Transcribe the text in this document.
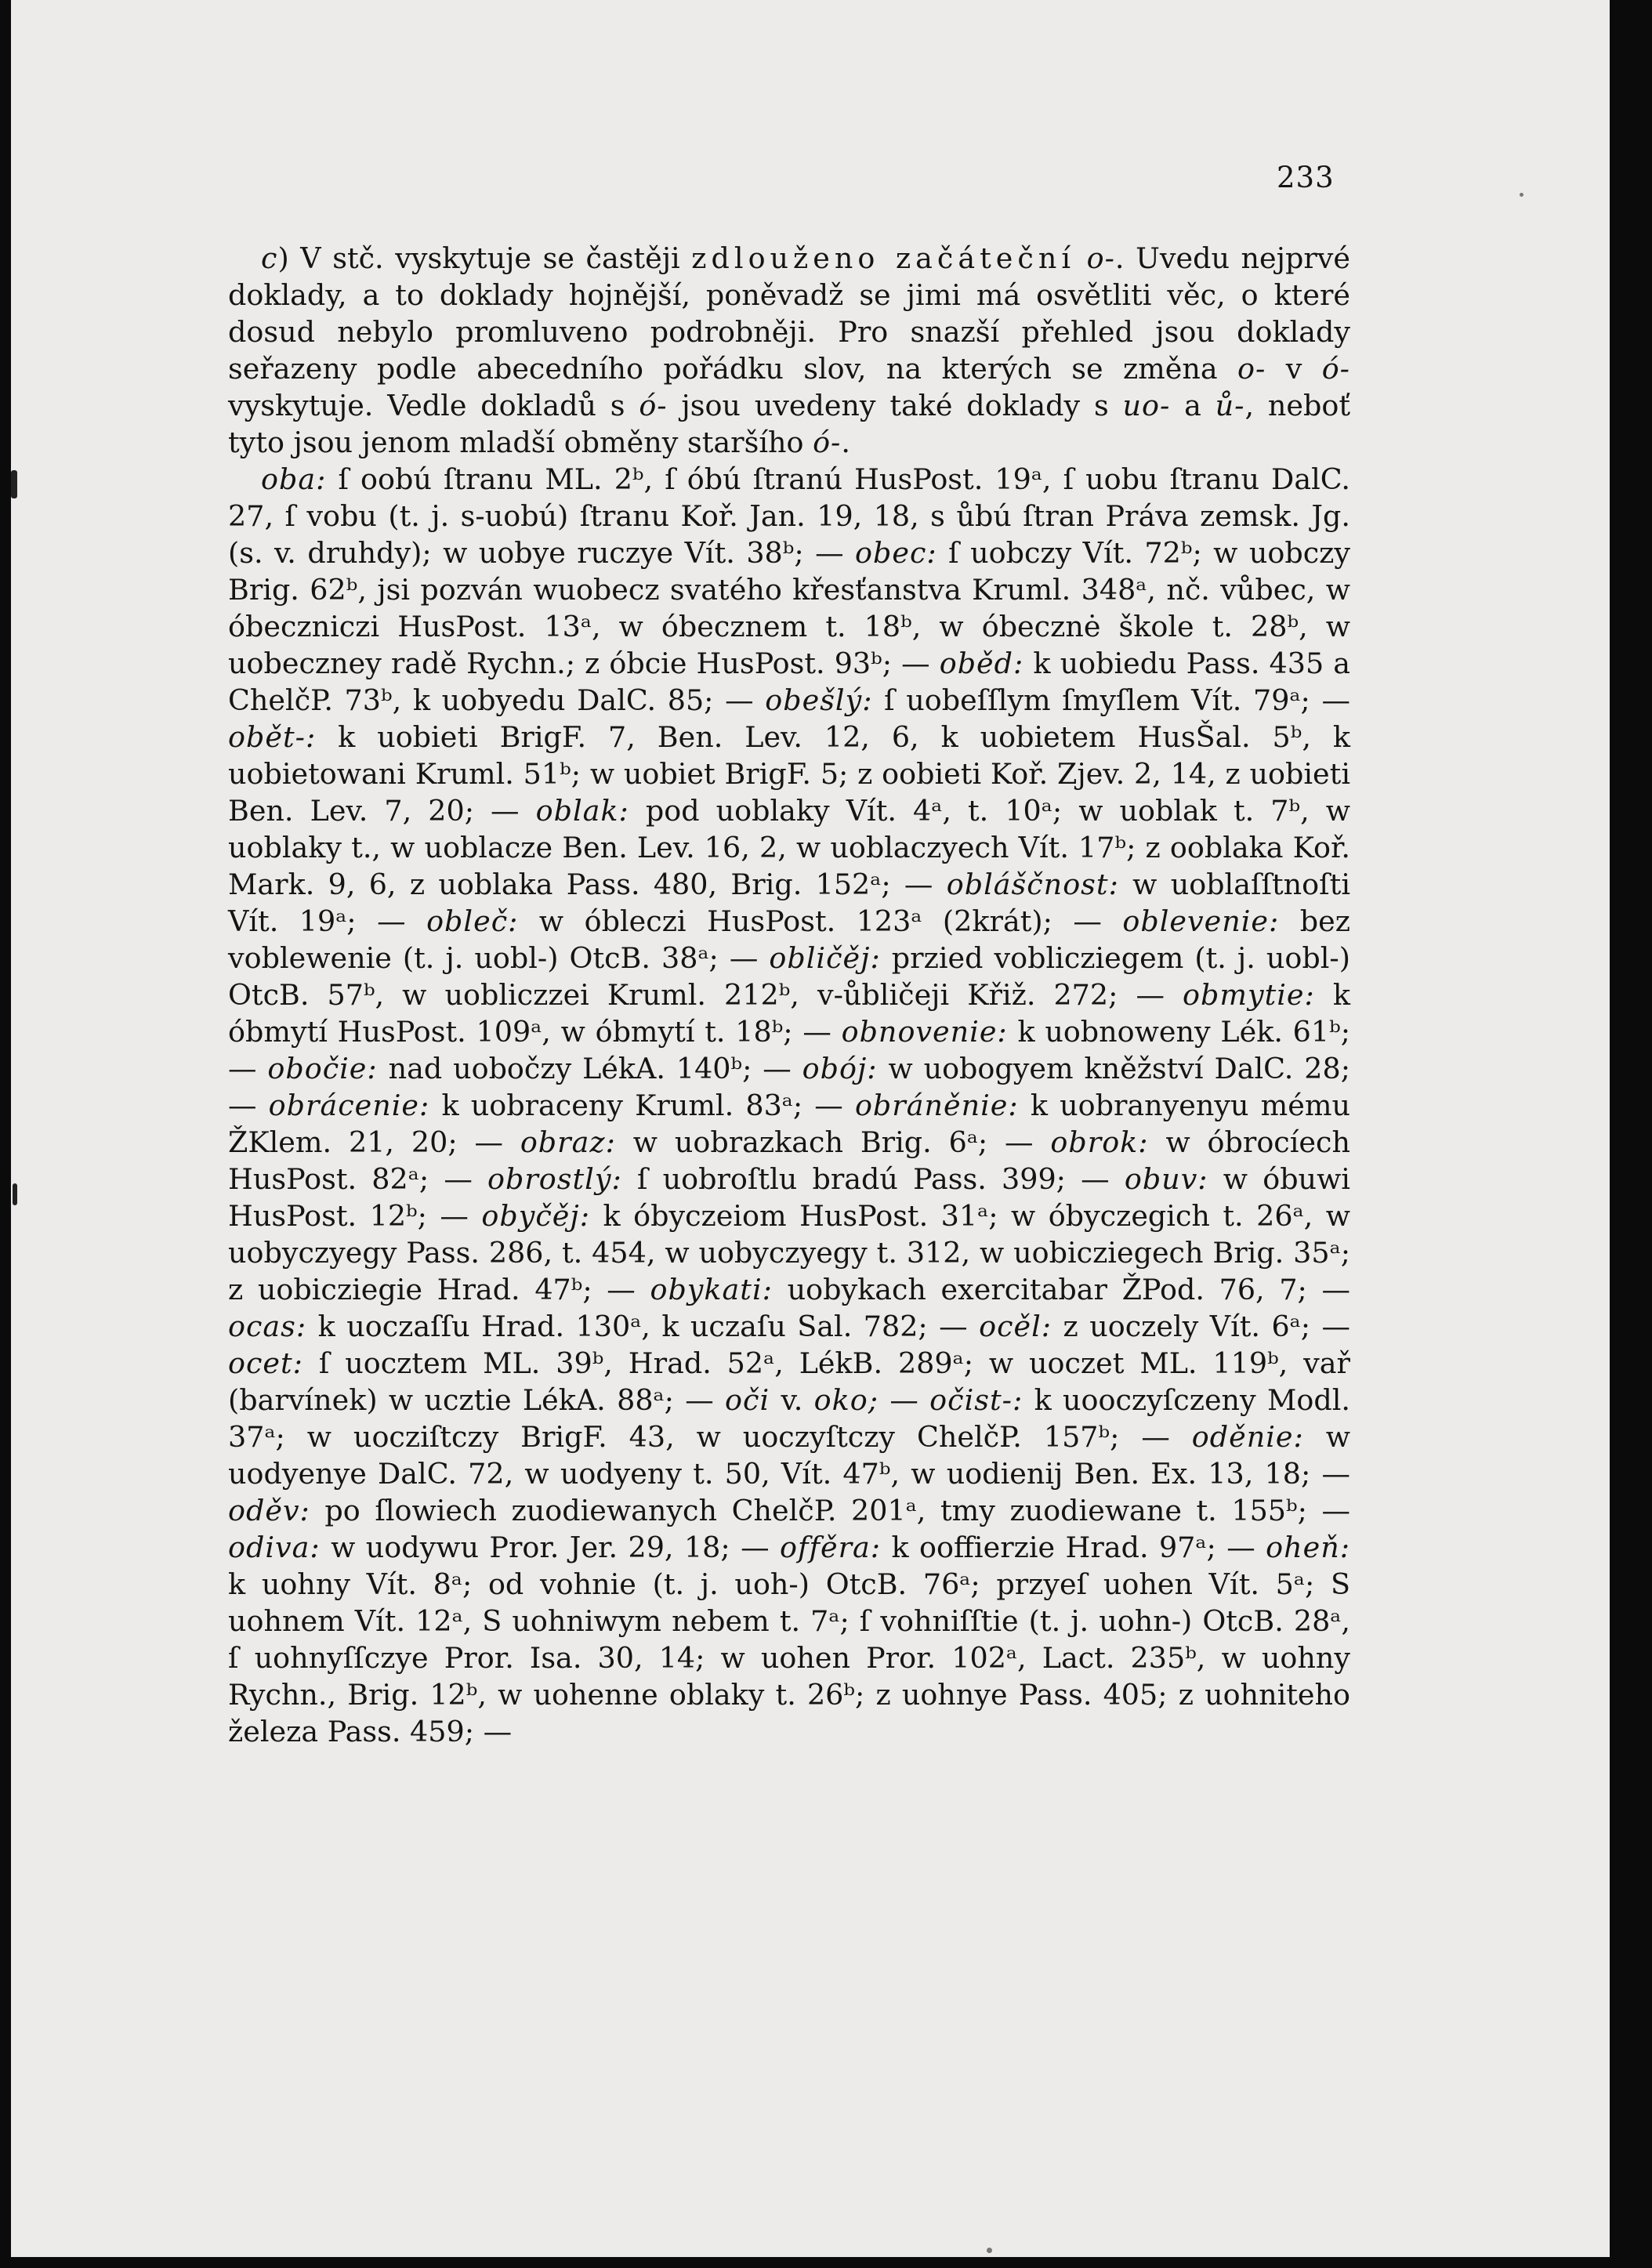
233

c) V stč. vyskytuje se častěji zdlouženo začáteční o-. Uvedu nejprvé doklady, a to doklady hojnější, poněvadž se jimi má osvětliti věc, o které dosud nebylo promluveno podrobněji. Pro snazší přehled jsou doklady seřazeny podle abecedního pořádku slov, na kterých se změna o- v ó- vyskytuje. Vedle dokladů s ó- jsou uvedeny také doklady s uo- a ů-, neboť tyto jsou jenom mladší obměny staršího ó-.

oba: ſ oobú ſtranu ML. 2ᵇ, ſ óbú ſtranú HusPost. 19ᵃ, ſ uobu ſtranu DalC. 27, ſ vobu (t. j. s-uobú) ſtranu Koř. Jan. 19, 18, s ůbú ſtran Práva zemsk. Jg. (s. v. druhdy); w uobye ruczye Vít. 38ᵇ; — obec: ſ uobczy Vít. 72ᵇ; w uobczy Brig. 62ᵇ, jsi pozván wuobecz svatého křesťanstva Kruml. 348ᵃ, nč. vůbec, w óbeczniczi HusPost. 13ᵃ, w óbecznem t. 18ᵇ, w óbecznė škole t. 28ᵇ, w uobeczney radě Rychn.; z óbcie HusPost. 93ᵇ; — oběd: k uobiedu Pass. 435 a ChelčP. 73ᵇ, k uobyedu DalC. 85; — obešlý: ſ uobeſſlym ſmyſlem Vít. 79ᵃ; — obět-: k uobieti BrigF. 7, Ben. Lev. 12, 6, k uobietem HusŠal. 5ᵇ, k uobietowani Kruml. 51ᵇ; w uobiet BrigF. 5; z oobieti Koř. Zjev. 2, 14, z uobieti Ben. Lev. 7, 20; — oblak: pod uoblaky Vít. 4ᵃ, t. 10ᵃ; w uoblak t. 7ᵇ, w uoblaky t., w uoblacze Ben. Lev. 16, 2, w uoblaczyech Vít. 17ᵇ; z ooblaka Koř. Mark. 9, 6, z uoblaka Pass. 480, Brig. 152ᵃ; — obláščnost: w uoblaſſtnoſti Vít. 19ᵃ; — obleč: w óbleczi HusPost. 123ᵃ (2krát); — oblevenie: bez voblewenie (t. j. uobl-) OtcB. 38ᵃ; — obličěj: przied voblicziegem (t. j. uobl-) OtcB. 57ᵇ, w uobliczzei Kruml. 212ᵇ, v-ůbličeji Křiž. 272; — obmytie: k óbmytí HusPost. 109ᵃ, w óbmytí t. 18ᵇ; — obnovenie: k uobnoweny Lék. 61ᵇ; — obočie: nad uobočzy LékA. 140ᵇ; — obój: w uobogyem kněžství DalC. 28; — obrácenie: k uobraceny Kruml. 83ᵃ; — obráněnie: k uobranyenyu mému ŽKlem. 21, 20; — obraz: w uobrazkach Brig. 6ᵃ; — obrok: w óbrocíech HusPost. 82ᵃ; — obrostlý: ſ uobroſtlu bradú Pass. 399; — obuv: w óbuwi HusPost. 12ᵇ; — obyčěj: k óbyczeiom HusPost. 31ᵃ; w óbyczegich t. 26ᵃ, w uobyczyegy Pass. 286, t. 454, w uobyczyegy t. 312, w uobicziegech Brig. 35ᵃ; z uobicziegie Hrad. 47ᵇ; — obykati: uobykach exercitabar ŽPod. 76, 7; — ocas: k uoczaſſu Hrad. 130ᵃ, k uczaſu Sal. 782; — ocěl: z uoczely Vít. 6ᵃ; — ocet: ſ uocztem ML. 39ᵇ, Hrad. 52ᵃ, LékB. 289ᵃ; w uoczet ML. 119ᵇ, vař (barvínek) w ucztie LékA. 88ᵃ; — oči v. oko; — očist-: k uooczyſczeny Modl. 37ᵃ; w uocziſtczy BrigF. 43, w uoczyſtczy ChelčP. 157ᵇ; — oděnie: w uodyenye DalC. 72, w uodyeny t. 50, Vít. 47ᵇ, w uodienij Ben. Ex. 13, 18; — oděv: po ſlowiech zuodiewanych ChelčP. 201ᵃ, tmy zuodiewane t. 155ᵇ; — odiva: w uodywu Pror. Jer. 29, 18; — offěra: k ooffierzie Hrad. 97ᵃ; — oheň: k uohny Vít. 8ᵃ; od vohnie (t. j. uoh-) OtcB. 76ᵃ; przyeſ uohen Vít. 5ᵃ; S uohnem Vít. 12ᵃ, S uohniwym nebem t. 7ᵃ; ſ vohniſſtie (t. j. uohn-) OtcB. 28ᵃ, ſ uohnyſſczye Pror. Isa. 30, 14; w uohen Pror. 102ᵃ, Lact. 235ᵇ, w uohny Rychn., Brig. 12ᵇ, w uohenne oblaky t. 26ᵇ; z uohnye Pass. 405; z uohniteho železa Pass. 459; —
